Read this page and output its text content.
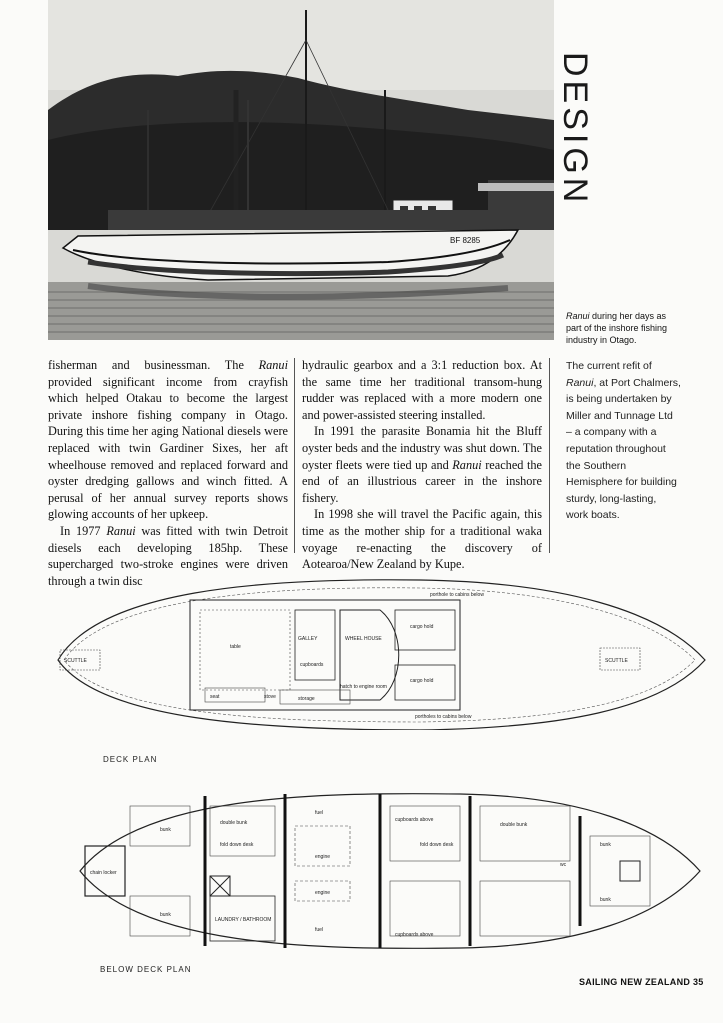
BF 8285
DESIGN
Ranui during her days as part of the inshore fishing industry in Otago.

fisherman and businessman. The Ranui provided significant income from crayfish which helped Otakau to become the largest private inshore fishing company in Otago. During this time her aging National diesels were replaced with twin Gardiner Sixes, her aft wheelhouse removed and replaced forward and oyster dredging gallows and winch fitted. A perusal of her annual survey reports shows glowing accounts of her upkeep.

In 1977 Ranui was fitted with twin Detroit diesels each developing 185hp. These supercharged two-stroke engines were driven through a twin disc

hydraulic gearbox and a 3:1 reduction box. At the same time her traditional transom-hung rudder was replaced with a more modern one and power-assisted steering installed.

In 1991 the parasite Bonamia hit the Bluff oyster beds and the industry was shut down. The oyster fleets were tied up and Ranui reached the end of an illustrious career in the inshore fishery.

In 1998 she will travel the Pacific again, this time as the mother ship for a traditional waka voyage re-enacting the discovery of Aotearoa/New Zealand by Kupe.

The current refit of Ranui, at Port Chalmers, is being undertaken by Miller and Tunnage Ltd – a company with a reputation throughout the Southern Hemisphere for building sturdy, long-lasting, work boats.
SCUTTLE	SCUTTLE
GALLEY	WHEEL HOUSE
table
cupboards
cargo hold
cargo hold
porthole to cabins below
portholes to cabins below
hatch to engine room
storage
seat	stove
DECK PLAN
bunk
bunk
chain locker
double bunk
fold down desk
LAUNDRY / BATHROOM
fuel
engine
engine
fuel
cupboards above
fold down desk
cupboards above
double bunk
wc
bunk
bunk
BELOW DECK PLAN
SAILING NEW ZEALAND 35
